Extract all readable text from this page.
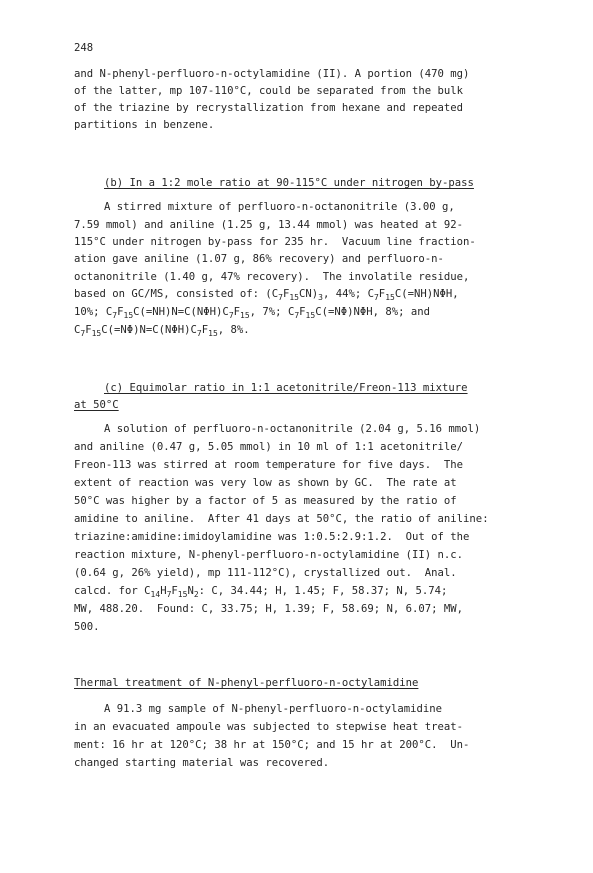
248
and N-phenyl-perfluoro-n-octylamidine (II). A portion (470 mg)
of the latter, mp 107-110°C, could be separated from the bulk
of the triazine by recrystallization from hexane and repeated
partitions in benzene.
(b) In a 1:2 mole ratio at 90-115°C under nitrogen by-pass
A stirred mixture of perfluoro-n-octanonitrile (3.00 g,
7.59 mmol) and aniline (1.25 g, 13.44 mmol) was heated at 92-
115°C under nitrogen by-pass for 235 hr.  Vacuum line fraction-
ation gave aniline (1.07 g, 86% recovery) and perfluoro-n-
octanonitrile (1.40 g, 47% recovery).  The involatile residue,
based on GC/MS, consisted of: $(C_7F_{15}CN)_3$, 44%; $C_7F_{15}C(=NH)N\Phi H$,
10%; $C_7F_{15}C(=NH)N=C(N\Phi H)C_7F_{15}$, 7%; $C_7F_{15}C(=N\Phi)N\Phi H$, 8%; and
$C_7F_{15}C(=N\Phi)N=C(N\Phi H)C_7F_{15}$, 8%.
(c) Equimolar ratio in 1:1 acetonitrile/Freon-113 mixture
at 50°C
A solution of perfluoro-n-octanonitrile (2.04 g, 5.16 mmol)
and aniline (0.47 g, 5.05 mmol) in 10 ml of 1:1 acetonitrile/
Freon-113 was stirred at room temperature for five days.  The
extent of reaction was very low as shown by GC.  The rate at
50°C was higher by a factor of 5 as measured by the ratio of
amidine to aniline.  After 41 days at 50°C, the ratio of aniline:
triazine:amidine:imidoylamidine was 1:0.5:2.9:1.2.  Out of the
reaction mixture, N-phenyl-perfluoro-n-octylamidine (II) n.c.
(0.64 g, 26% yield), mp 111-112°C), crystallized out.  Anal.
calcd. for $C_{14}H_7F_{15}N_2$: C, 34.44; H, 1.45; F, 58.37; N, 5.74;
MW, 488.20.  Found: C, 33.75; H, 1.39; F, 58.69; N, 6.07; MW,
500.
Thermal treatment of N-phenyl-perfluoro-n-octylamidine
A 91.3 mg sample of N-phenyl-perfluoro-n-octylamidine
in an evacuated ampoule was subjected to stepwise heat treat-
ment: 16 hr at 120°C; 38 hr at 150°C; and 15 hr at 200°C.  Un-
changed starting material was recovered.
